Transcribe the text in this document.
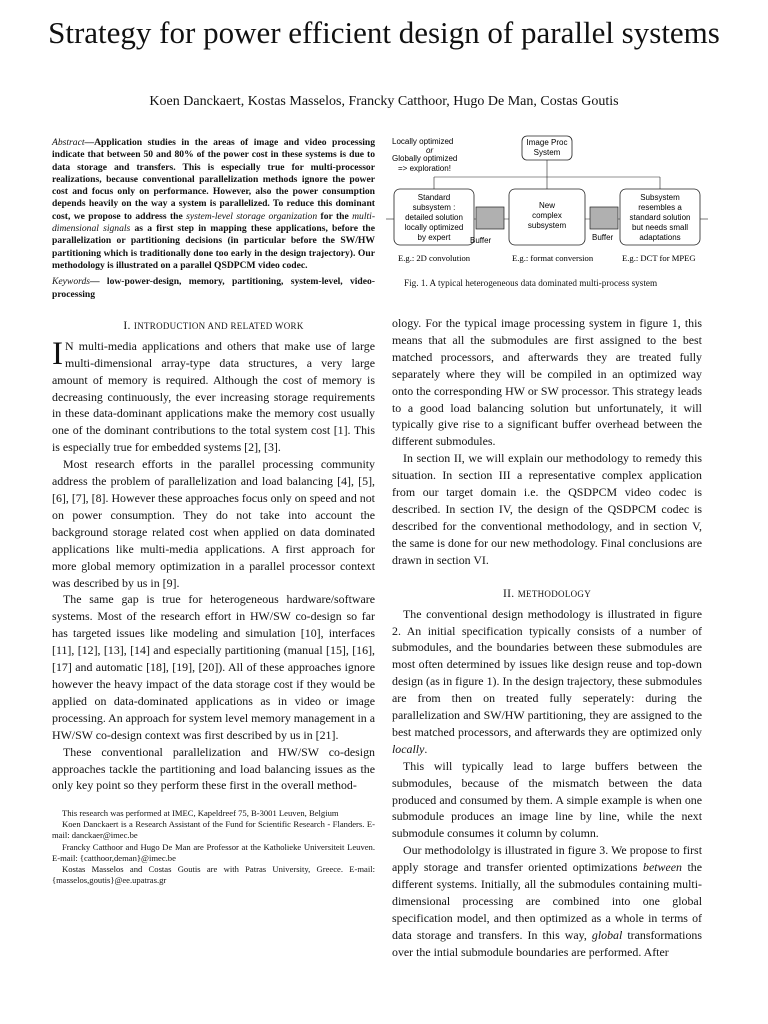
Strategy for power efficient design of parallel systems
Koen Danckaert, Kostas Masselos, Francky Catthoor, Hugo De Man, Costas Goutis

Abstract—Application studies in the areas of image and video processing indicate that between 50 and 80% of the power cost in these systems is due to data storage and transfers. This is especially true for multi-processor realizations, because conventional parallelization methods ignore the power cost and focus only on performance. However, also the power consumption depends heavily on the way a system is parallelized. To reduce this dominant cost, we propose to address the system-level storage organization for the multi-dimensional signals as a first step in mapping these applications, before the parallelization or partitioning decisions (in particular before the SW/HW partitioning which is traditionally done too early in the design trajectory). Our methodology is illustrated on a parallel QSDPCM video codec.

Keywords— low-power-design, memory, partitioning, system-level, video-processing

I. INTRODUCTION AND RELATED WORK

I N multi-media applications and others that make use of large multi-dimensional array-type data structures, a very large amount of memory is required. Although the cost of memory is decreasing continuously, the ever increasing storage requirements in these data-dominant applications make the memory cost usually one of the dominant contributions to the total system cost [1]. This is especially true for embedded systems [2], [3].

Most research efforts in the parallel processing community address the problem of parallelization and load balancing [4], [5], [6], [7], [8]. However these approaches focus only on speed and not on power consumption. They do not take into account the background storage related cost when applied on data dominated applications like multi-media applications. A first approach for more global memory optimization in a parallel processor context was described by us in [9].

The same gap is true for heterogeneous hardware/software systems. Most of the research effort in HW/SW co-design so far has targeted issues like modeling and simulation [10], interfaces [11], [12], [13], [14] and especially partitioning (manual [15], [16], [17] and automatic [18], [19], [20]). All of these approaches ignore however the heavy impact of the data storage cost if they would be applied on data-dominated applications as in video or image processing. An approach for system level memory management in a HW/SW co-design context was first described by us in [21].

These conventional parallelization and HW/SW co-design approaches tackle the partitioning and load balancing issues as the only key point so they perform these first in the overall method-

This research was performed at IMEC, Kapeldreef 75, B-3001 Leuven, Belgium

Koen Danckaert is a Research Assistant of the Fund for Scientific Research - Flanders. E-mail: danckaer@imec.be

Francky Catthoor and Hugo De Man are Professor at the Katholieke Universiteit Leuven. E-mail: {catthoor,deman}@imec.be

Kostas Masselos and Costas Goutis are with Patras University, Greece. E-mail: {masselos,goutis}@ee.upatras.gr

Locally optimized
or
Globally optimized
=> exploration!
Image Proc
System
Standard
subsystem :
detailed solution
locally optimized
by expert
New
complex
subsystem
Subsystem
resembles a
standard solution
but needs small
adaptations
Buffer	Buffer
E.g.: 2D convolution	E.g.: format conversion	E.g.: DCT for MPEG
Fig. 1. A typical heterogeneous data dominated multi-process system

ology. For the typical image processing system in figure 1, this means that all the submodules are first assigned to the best matched processors, and afterwards they are treated fully separately where they will be compiled in an optimized way onto the corresponding HW or SW processor. This strategy leads to a good load balancing solution but unfortunately, it will typically give rise to a significant buffer overhead between the different submodules.

In section II, we will explain our methodology to remedy this situation. In section III a representative complex application from our target domain i.e. the QSDPCM video codec is described. In section IV, the design of the QSDPCM codec is described for the conventional methodology, and in section V, the same is done for our new methodology. Final conclusions are drawn in section VI.

II. METHODOLOGY

The conventional design methodology is illustrated in figure 2. An initial specification typically consists of a number of submodules, and the boundaries between these submodules are most often determined by issues like design reuse and top-down design (as in figure 1). In the design trajectory, these submodules are from then on treated fully seperately: during the parallelization and SW/HW partitioning, they are assigned to the best matched processors, and afterwards they are optimized only locally.

This will typically lead to large buffers between the submodules, because of the mismatch between the data produced and consumed by them. A simple example is when one submodule produces an image line by line, while the next submodule consumes it column by column.

Our methodololgy is illustrated in figure 3. We propose to first apply storage and transfer oriented optimizations between the different systems. Initially, all the submodules containing multi-dimensional processing are combined into one global specification model, and then optimized as a whole in terms of data storage and transfers. In this way, global transformations over the intial submodule boundaries are performed. After
